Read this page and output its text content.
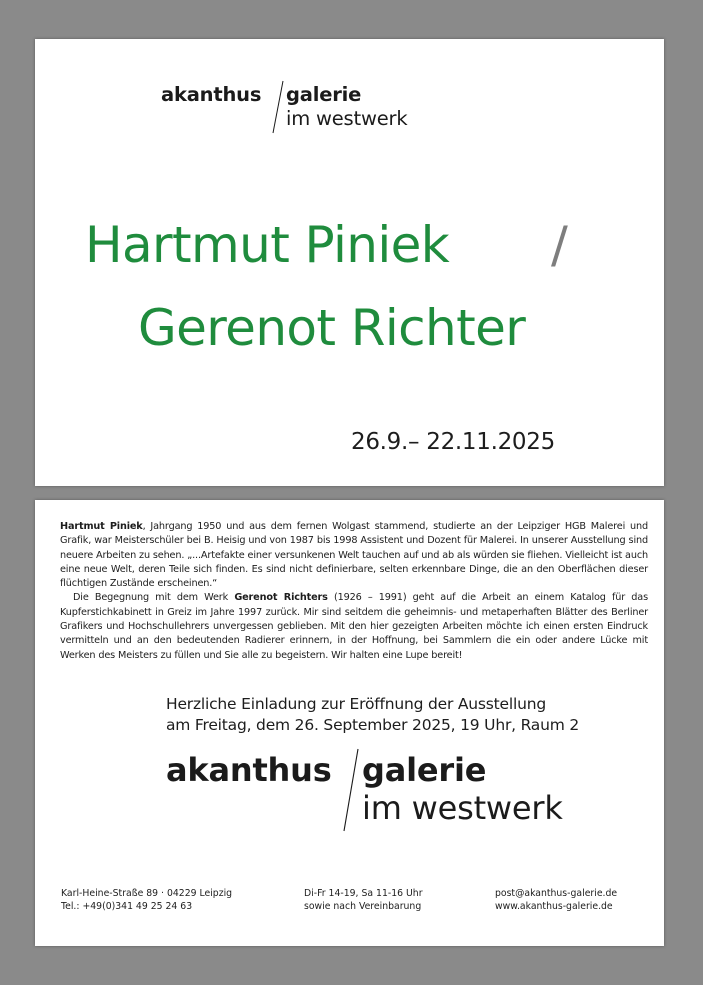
akanthus galerie
im westwerk
Hartmut Piniek /
Gerenot Richter
26.9.– 22.11.2025

Hartmut Piniek, Jahrgang 1950 und aus dem fernen Wolgast stammend, studierte an der Leipziger HGB Malerei und Grafik, war Meisterschüler bei B. Heisig und von 1987 bis 1998 Assistent und Dozent für Malerei. In unserer Ausstellung sind neuere Arbeiten zu sehen. „...Artefakte einer versunkenen Welt tauchen auf und ab als würden sie fliehen. Vielleicht ist auch eine neue Welt, deren Teile sich finden. Es sind nicht definierbare, selten erkennbare Dinge, die an den Oberflächen dieser flüchtigen Zustände erscheinen.“

Die Begegnung mit dem Werk Gerenot Richters (1926 – 1991) geht auf die Arbeit an einem Katalog für das Kupferstichkabinett in Greiz im Jahre 1997 zurück. Mir sind seitdem die geheimnis- und metaperhaften Blätter des Berliner Grafikers und Hochschullehrers unvergessen geblieben. Mit den hier gezeigten Arbeiten möchte ich einen ersten Eindruck vermitteln und an den bedeutenden Radierer erinnern, in der Hoffnung, bei Sammlern die ein oder andere Lücke mit Werken des Meisters zu füllen und Sie alle zu begeistern. Wir halten eine Lupe bereit!

Herzliche Einladung zur Eröffnung der Ausstellung
am Freitag, dem 26. September 2025, 19 Uhr, Raum 2
akanthus galerie
im westwerk
Karl-Heine-Straße 89 · 04229 Leipzig
Tel.: +49(0)341 49 25 24 63
Di-Fr 14-19, Sa 11-16 Uhr
sowie nach Vereinbarung
post@akanthus-galerie.de
www.akanthus-galerie.de
